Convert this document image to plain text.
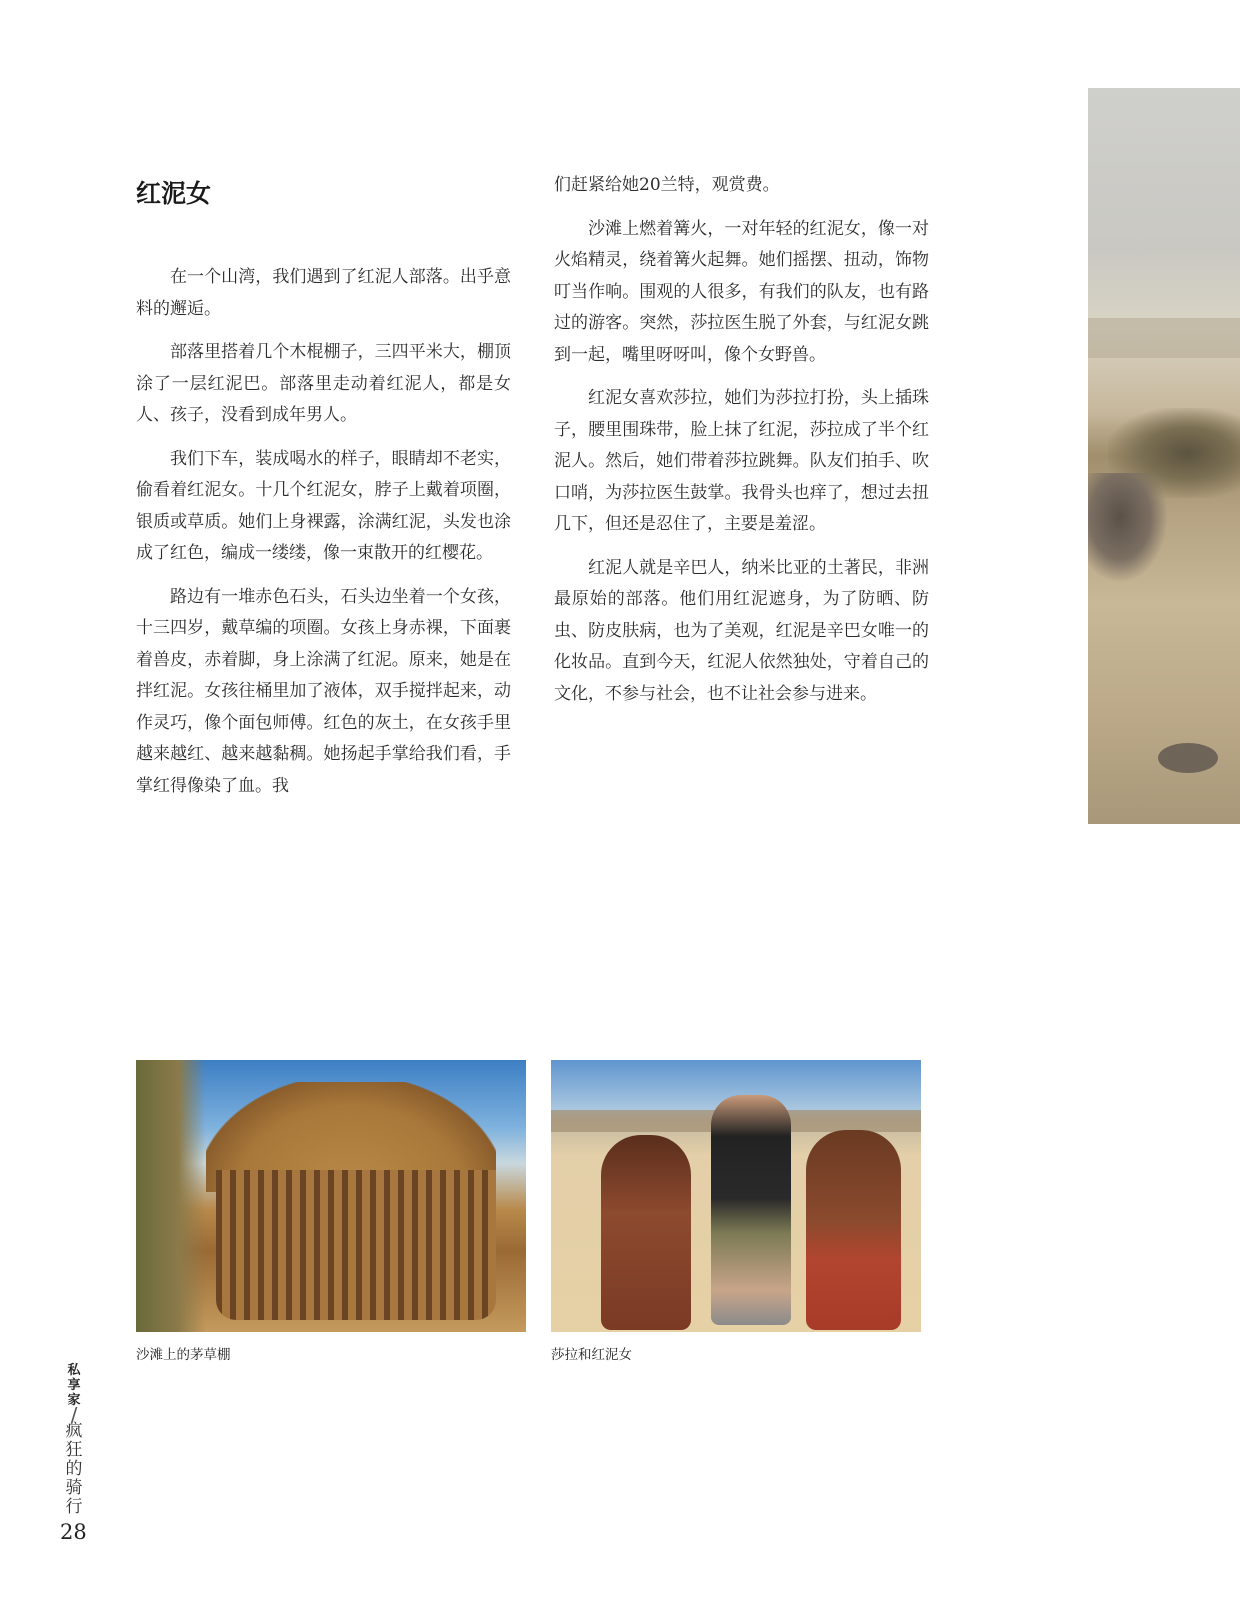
红泥女

在一个山湾，我们遇到了红泥人部落。出乎意料的邂逅。

部落里搭着几个木棍棚子，三四平米大，棚顶涂了一层红泥巴。部落里走动着红泥人，都是女人、孩子，没看到成年男人。

我们下车，装成喝水的样子，眼睛却不老实，偷看着红泥女。十几个红泥女，脖子上戴着项圈，银质或草质。她们上身裸露，涂满红泥，头发也涂成了红色，编成一缕缕，像一束散开的红樱花。

路边有一堆赤色石头，石头边坐着一个女孩，十三四岁，戴草编的项圈。女孩上身赤裸，下面裹着兽皮，赤着脚，身上涂满了红泥。原来，她是在拌红泥。女孩往桶里加了液体，双手搅拌起来，动作灵巧，像个面包师傅。红色的灰土，在女孩手里越来越红、越来越黏稠。她扬起手掌给我们看，手掌红得像染了血。我

们赶紧给她20兰特，观赏费。

沙滩上燃着篝火，一对年轻的红泥女，像一对火焰精灵，绕着篝火起舞。她们摇摆、扭动，饰物叮当作响。围观的人很多，有我们的队友，也有路过的游客。突然，莎拉医生脱了外套，与红泥女跳到一起，嘴里呀呀叫，像个女野兽。

红泥女喜欢莎拉，她们为莎拉打扮，头上插珠子，腰里围珠带，脸上抹了红泥，莎拉成了半个红泥人。然后，她们带着莎拉跳舞。队友们拍手、吹口哨，为莎拉医生鼓掌。我骨头也痒了，想过去扭几下，但还是忍住了，主要是羞涩。

红泥人就是辛巴人，纳米比亚的土著民，非洲最原始的部落。他们用红泥遮身，为了防晒、防虫、防皮肤病，也为了美观，红泥是辛巴女唯一的化妆品。直到今天，红泥人依然独处，守着自己的文化，不参与社会，也不让社会参与进来。

沙滩上的茅草棚	莎拉和红泥女
私
享
家
/
疯
狂
的
骑
行
28
